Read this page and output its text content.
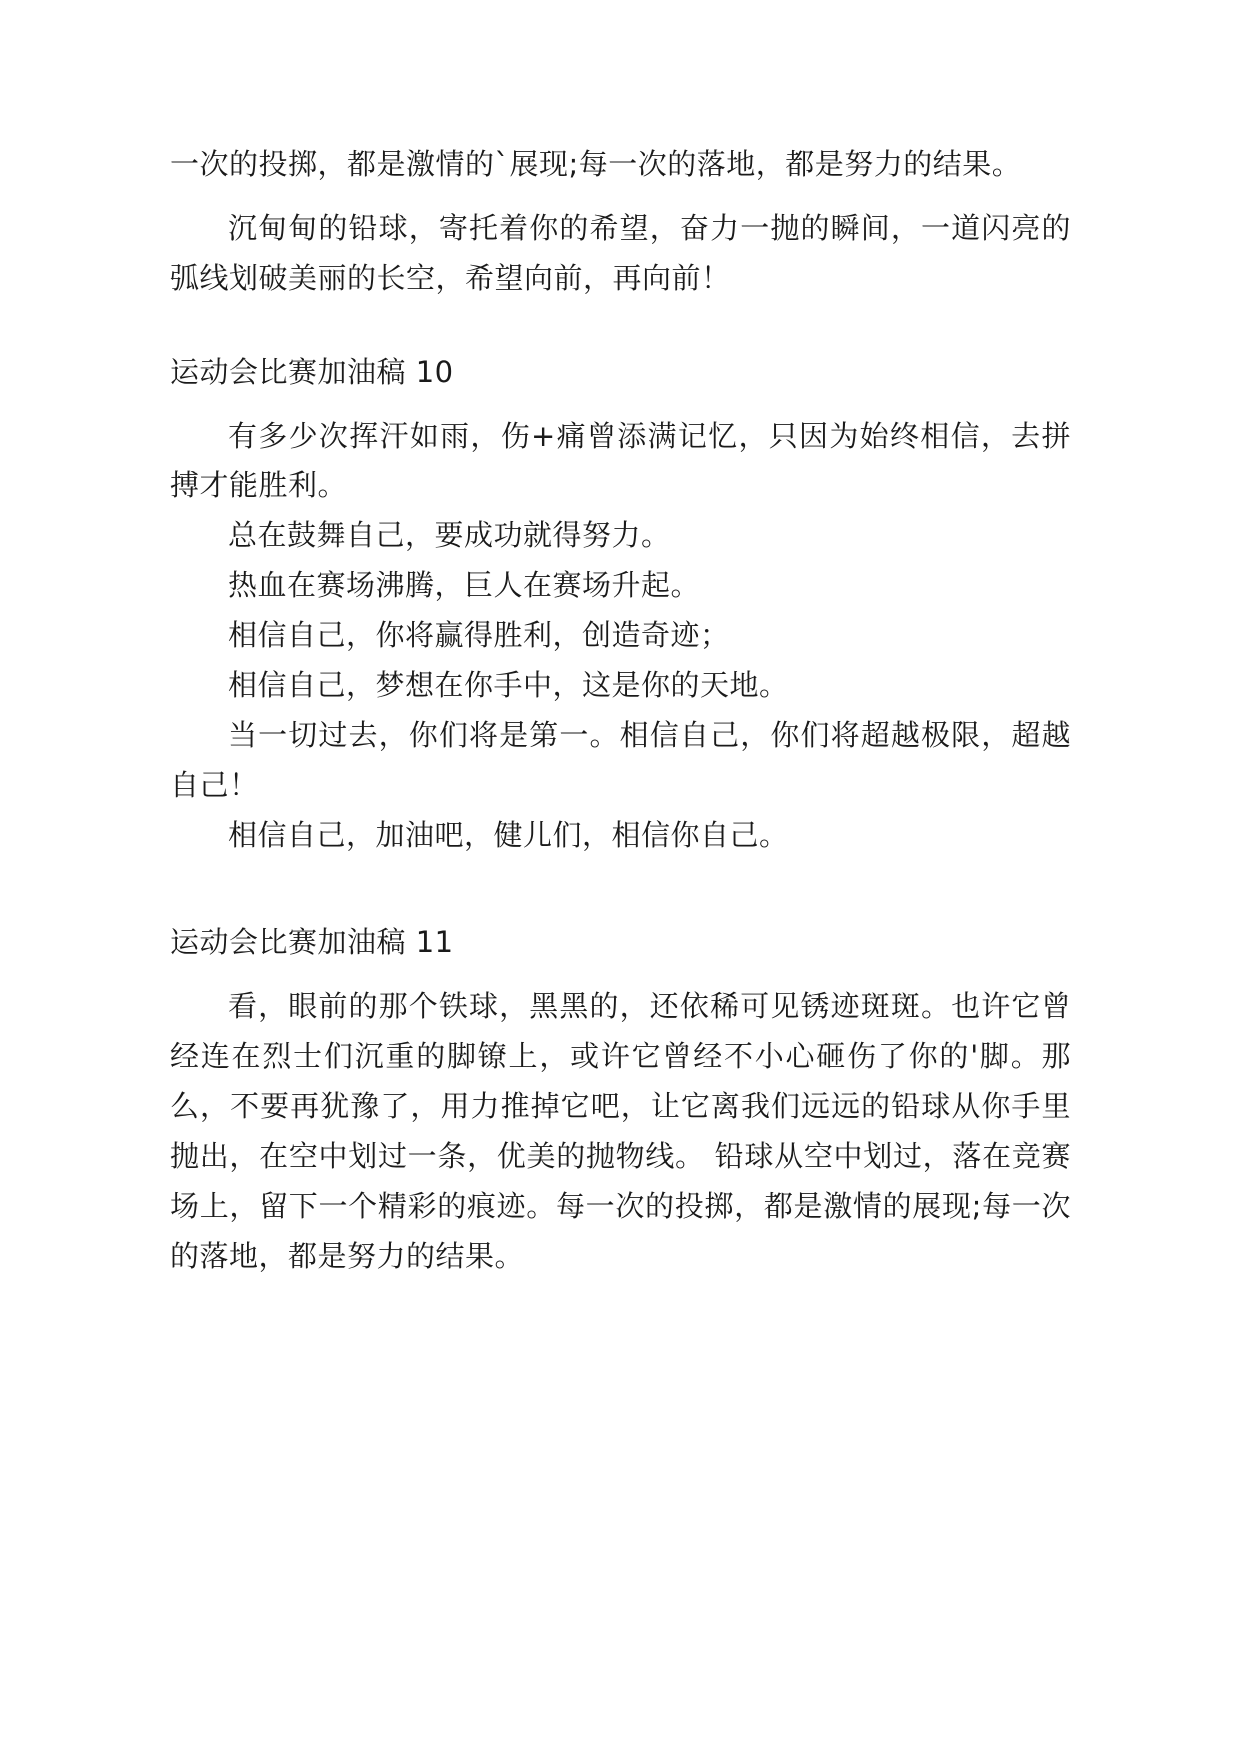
一次的投掷，都是激情的`展现;每一次的落地，都是努力的结果。

沉甸甸的铅球，寄托着你的希望，奋力一抛的瞬间，一道闪亮的弧线划破美丽的长空，希望向前，再向前！

运动会比赛加油稿 10

有多少次挥汗如雨，伤+痛曾添满记忆，只因为始终相信，去拼搏才能胜利。

总在鼓舞自己，要成功就得努力。

热血在赛场沸腾，巨人在赛场升起。

相信自己，你将赢得胜利，创造奇迹；

相信自己，梦想在你手中，这是你的天地。

当一切过去，你们将是第一。相信自己，你们将超越极限，超越自己！

相信自己，加油吧，健儿们，相信你自己。

运动会比赛加油稿 11

看，眼前的那个铁球，黑黑的，还依稀可见锈迹斑斑。也许它曾经连在烈士们沉重的脚镣上，或许它曾经不小心砸伤了你的'脚。那么，不要再犹豫了，用力推掉它吧，让它离我们远远的铅球从你手里抛出，在空中划过一条，优美的抛物线。 铅球从空中划过，落在竞赛场上，留下一个精彩的痕迹。每一次的投掷，都是激情的展现;每一次的落地，都是努力的结果。
